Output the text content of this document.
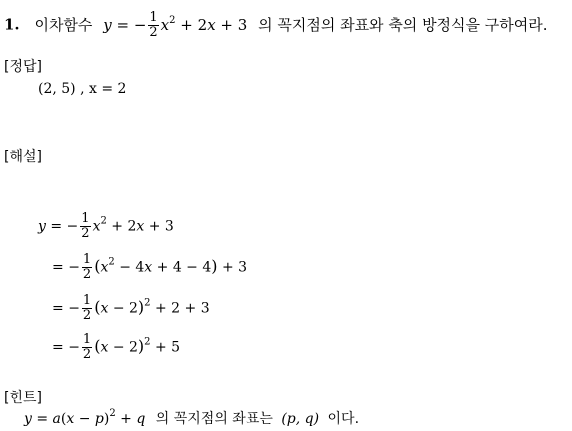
1. 이차함수 y = − $\frac{1}{2} x^2 + 2x + 3$ 의 꼭지점의 좌표와 축의 방정식을 구하여라.
[정답]
(2, 5) , x = 2
[해설]
y = − $\frac{1}{2} x^2 + 2x + 3$
= − $\frac{1}{2} (x^2 - 4x + 4 - 4) + 3$
= − $\frac{1}{2} (x - 2)^2 + 2 + 3$
= − $\frac{1}{2} (x - 2)^2 + 5$
[힌트]
$y = a(x - p)^2 + q$ 의 꼭지점의 좌표는 (p, q) 이다.
